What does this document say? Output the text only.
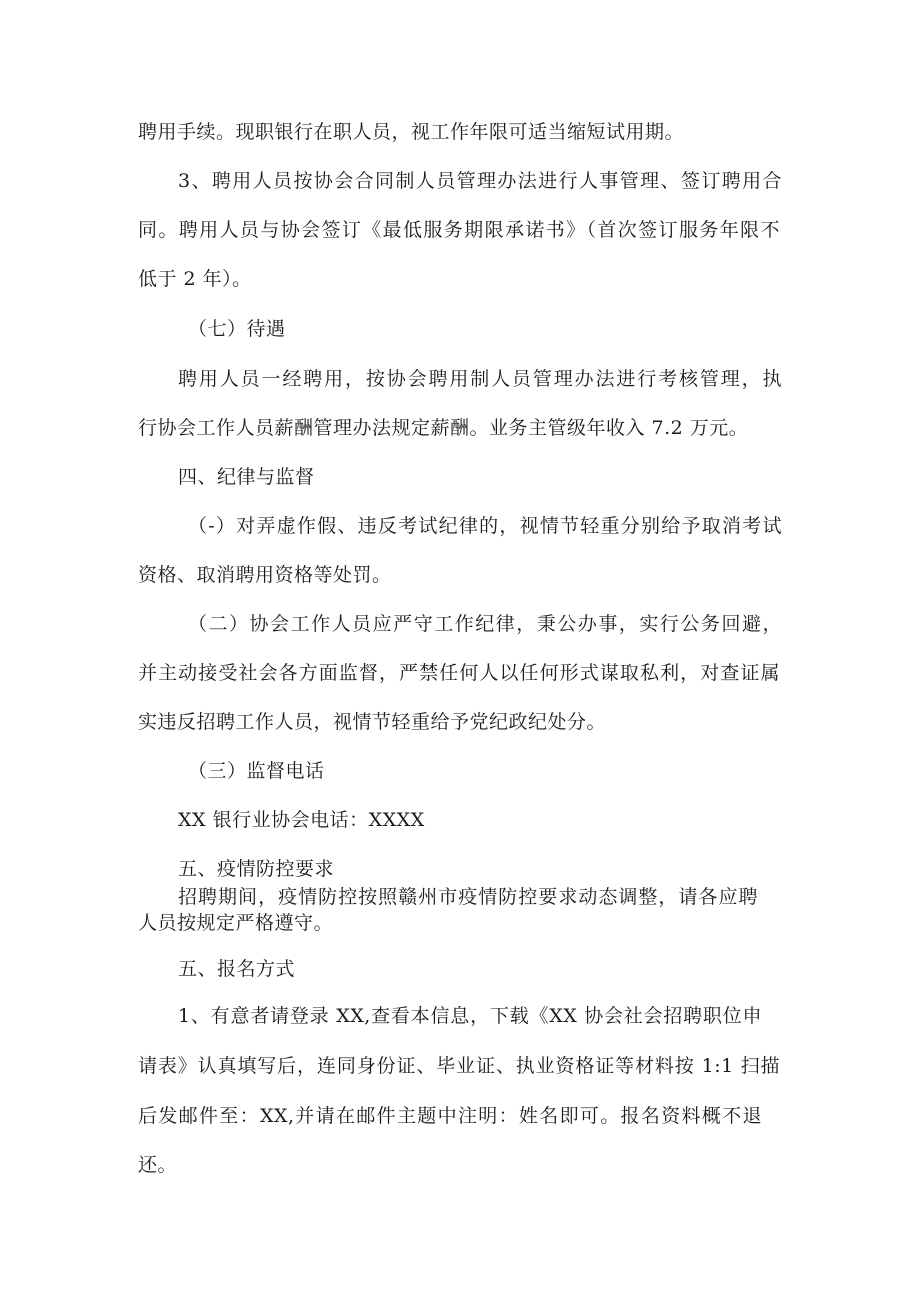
聘用手续。现职银行在职人员，视工作年限可适当缩短试用期。
3、聘用人员按协会合同制人员管理办法进行人事管理、签订聘用合
同。聘用人员与协会签订《最低服务期限承诺书》（首次签订服务年限不
低于 2 年）。
（七）待遇
聘用人员一经聘用，按协会聘用制人员管理办法进行考核管理，执
行协会工作人员薪酬管理办法规定薪酬。业务主管级年收入 7.2 万元。
四、纪律与监督
（-）对弄虚作假、违反考试纪律的，视情节轻重分别给予取消考试
资格、取消聘用资格等处罚。
（二）协会工作人员应严守工作纪律，秉公办事，实行公务回避，
并主动接受社会各方面监督，严禁任何人以任何形式谋取私利，对查证属
实违反招聘工作人员，视情节轻重给予党纪政纪处分。
（三）监督电话
XX 银行业协会电话：XXXX
五、疫情防控要求
招聘期间，疫情防控按照赣州市疫情防控要求动态调整，请各应聘
人员按规定严格遵守。
五、报名方式
1、有意者请登录 XX,查看本信息，下载《XX 协会社会招聘职位申
请表》认真填写后，连同身份证、毕业证、执业资格证等材料按 1:1 扫描
后发邮件至：XX,并请在邮件主题中注明：姓名即可。报名资料概不退
还。
